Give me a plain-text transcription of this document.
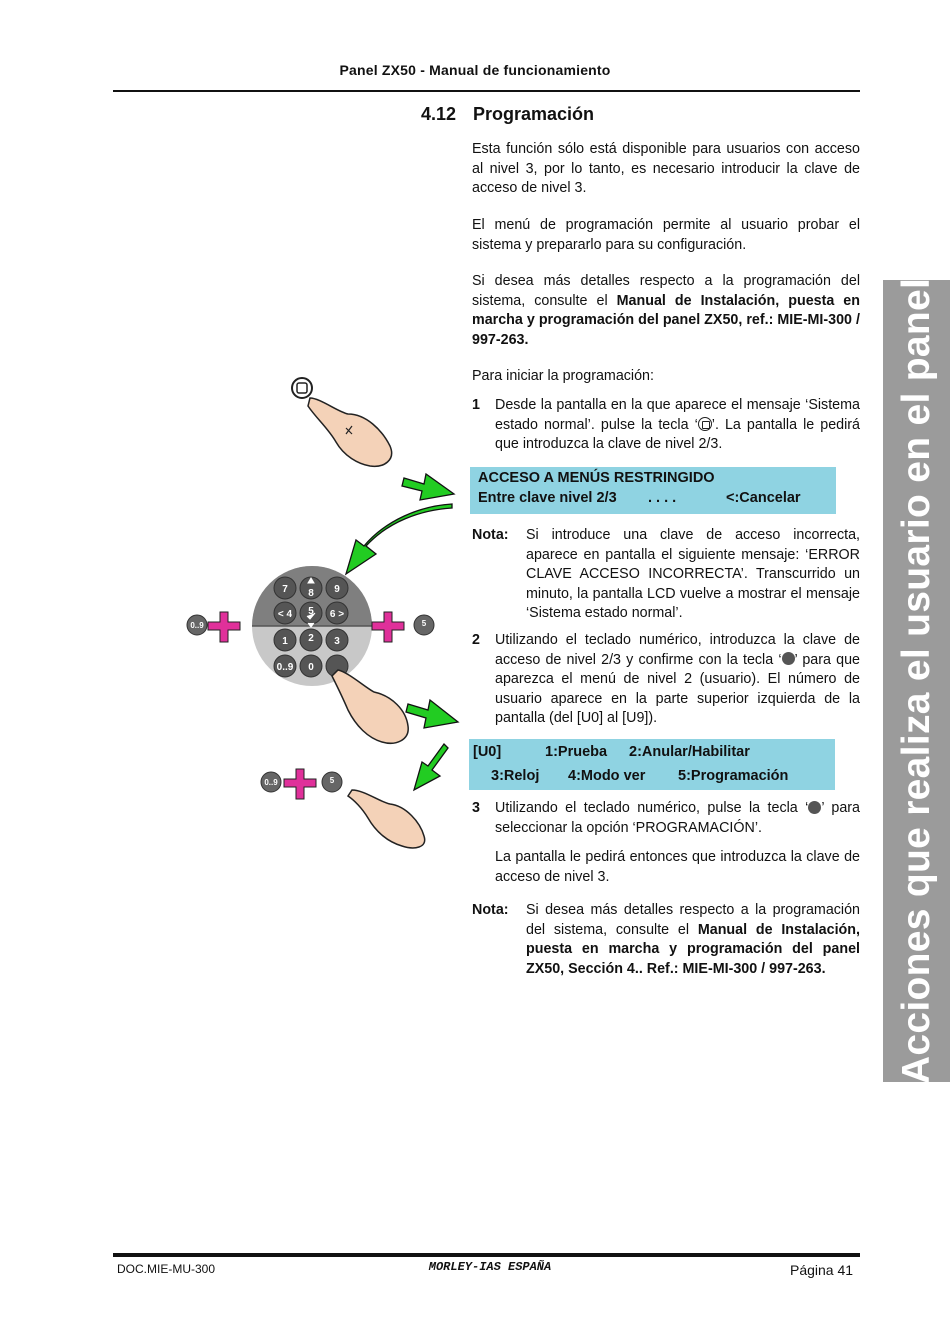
Panel ZX50 - Manual de funcionamiento
4.12 Programación
Esta función sólo está disponible para usuarios con acceso al nivel 3, por lo tanto, es necesario introducir la clave de acceso de nivel 3.
El menú de programación permite al usuario probar el sistema y prepararlo para su configuración.
Si desea más detalles respecto a la programación del sistema, consulte el Manual de Instalación, puesta en marcha y programación del panel ZX50, ref.: MIE-MI-300 / 997-263.
Para iniciar la programación:
1 Desde la pantalla en la que aparece el mensaje ‘Sistema estado normal’. pulse la tecla ‘ ’. La pantalla le pedirá que introduzca la clave de nivel 2/3.
ACCESO A MENÚS RESTRINGIDO
Entre clave nivel 2/3 . . . .	<:Cancelar
Nota: Si introduce una clave de acceso incorrecta, aparece en pantalla el siguiente mensaje: ‘ERROR CLAVE ACCESO INCORRECTA’. Transcurrido un minuto, la pantalla LCD vuelve a mostrar el mensaje ‘Sistema estado normal’.
2 Utilizando el teclado numérico, introduzca la clave de acceso de nivel 2/3 y confirme con la tecla ‘ ’ para que aparezca el menú de nivel 2 (usuario). El número de usuario aparece en la parte superior izquierda de la pantalla (del [U0] al [U9]).
[U0]	1:Prueba 2:Anular/Habilitar
3:Reloj 4:Modo ver 5:Programación
3 Utilizando el teclado numérico, pulse la tecla ‘ ’ para seleccionar la opción ‘PROGRAMACIÓN’.
La pantalla le pedirá entonces que introduzca la clave de acceso de nivel 3.
Nota: Si desea más detalles respecto a la programación del sistema, consulte el Manual de Instalación, puesta en marcha y programación del panel ZX50, Sección 4.. Ref.: MIE-MI-300 / 997-263.
7 8 9
< 4 5 6 >
1 2 3
0..9 0
0..9	5
0..9	5	Acciones que realiza el usuario en el panel
DOC.MIE-MU-300	MORLEY-IAS ESPAÑA	Página 41
